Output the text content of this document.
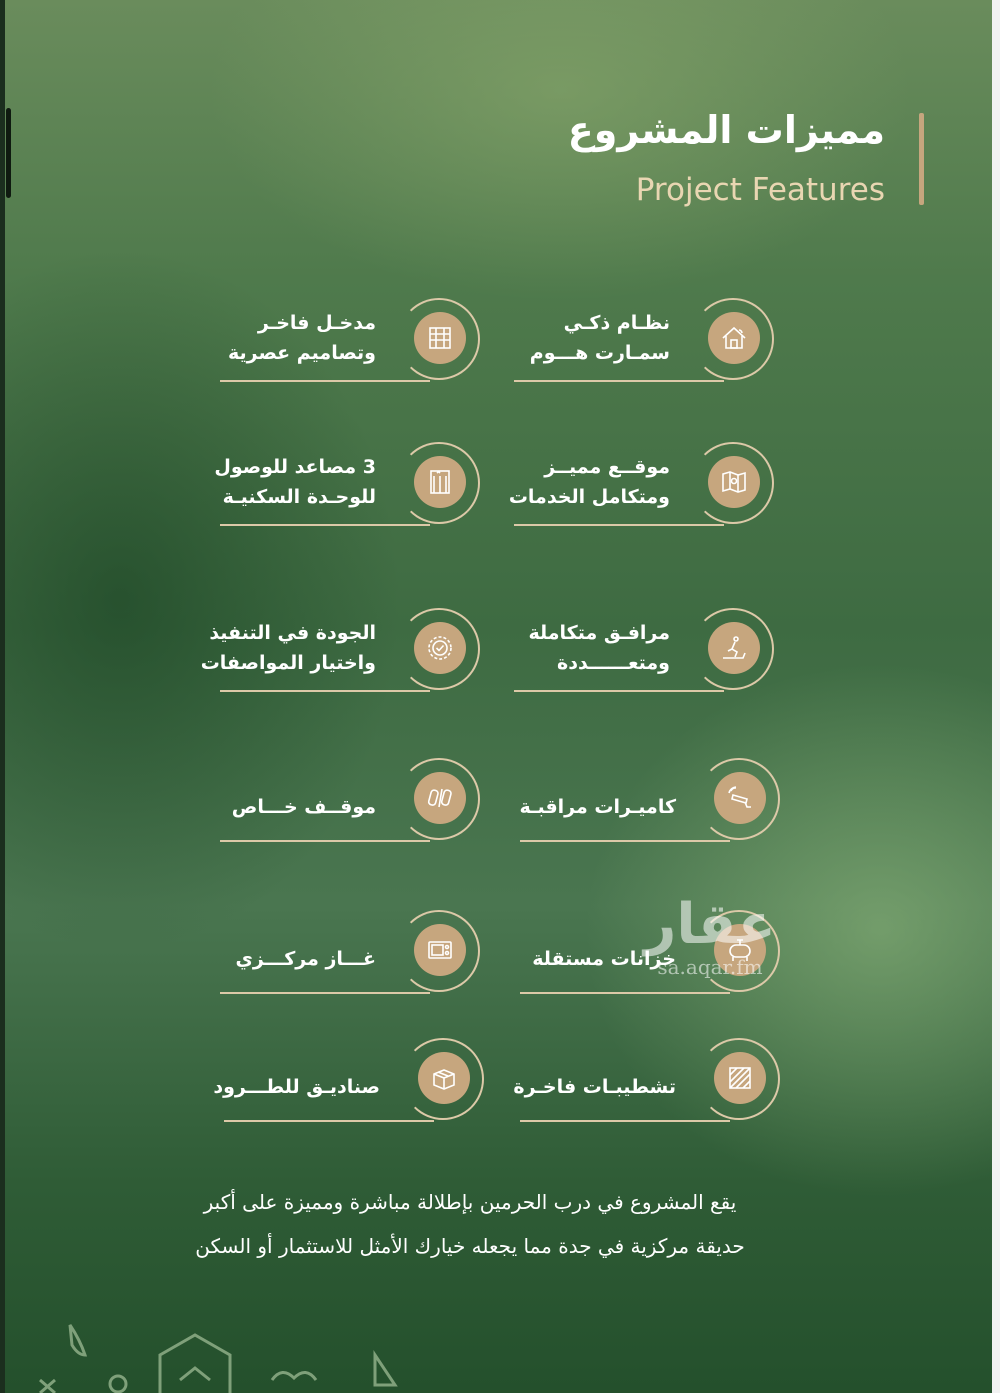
مميزات المشروع
Project Features
نظـام ذكـي
سمـارت هـــوم
مدخـل فاخـر
وتصاميم عصرية
موقــع مميــز
ومتكامل الخدمات
3 مصاعد للوصول
للوحـدة السكنيـة
مرافـق متكاملة
ومتعــــــددة
الجودة في التنفيذ
واختيار المواصفات
كاميـرات مراقبـة
موقــف خـــاص
خزانات مستقلة
غـــاز مركـــزي
تشطيبـات فاخـرة
صناديـق للطـــرود
عقار
sa.aqar.fm
يقع المشروع في درب الحرمين بإطلالة مباشرة ومميزة على أكبر
حديقة مركزية في جدة مما يجعله خيارك الأمثل للاستثمار أو السكن
